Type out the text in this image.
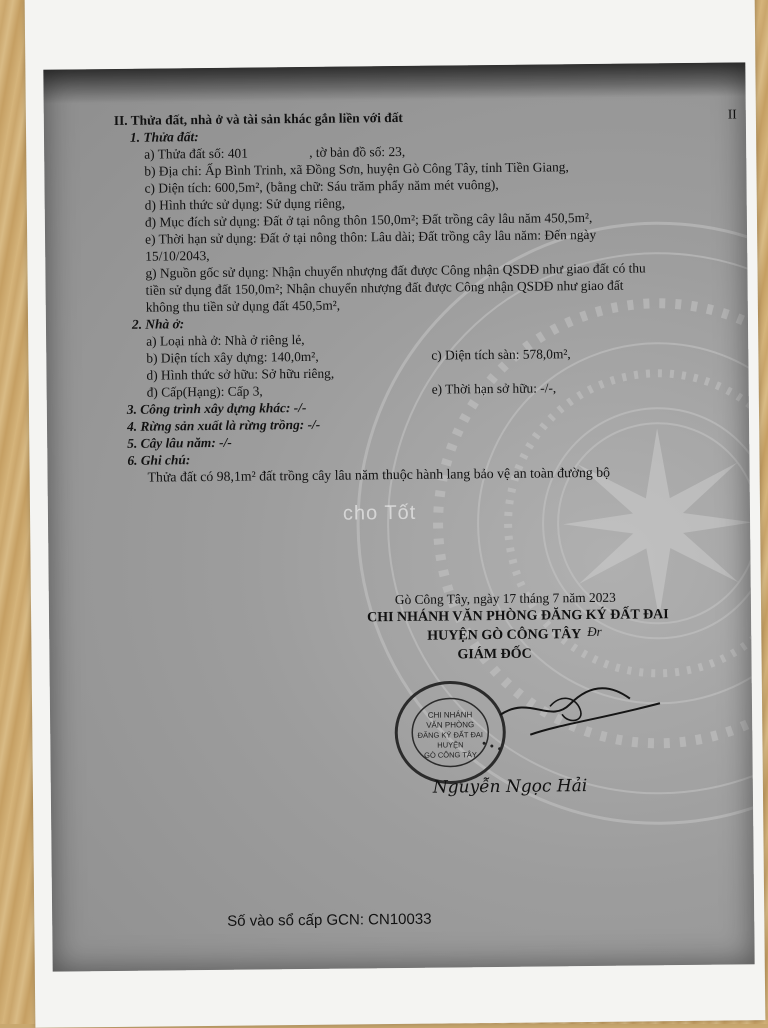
cho Tốt
II. Thửa đất, nhà ở và tài sản khác gắn liền với đất	II
1. Thửa đất:
a) Thửa đất số: 401	, tờ bản đồ số: 23,
b) Địa chỉ: Ấp Bình Trinh, xã Đồng Sơn, huyện Gò Công Tây, tỉnh Tiền Giang,
c) Diện tích: 600,5m², (bằng chữ: Sáu trăm phẩy năm mét vuông),
d) Hình thức sử dụng: Sử dụng riêng,
đ) Mục đích sử dụng: Đất ở tại nông thôn 150,0m²; Đất trồng cây lâu năm 450,5m²,
e) Thời hạn sử dụng: Đất ở tại nông thôn: Lâu dài; Đất trồng cây lâu năm: Đến ngày
15/10/2043,
g) Nguồn gốc sử dụng: Nhận chuyển nhượng đất được Công nhận QSDĐ như giao đất có thu
tiền sử dụng đất 150,0m²; Nhận chuyển nhượng đất được Công nhận QSDĐ như giao đất
không thu tiền sử dụng đất 450,5m²,
2. Nhà ở:
a) Loại nhà ở: Nhà ở riêng lẻ,
b) Diện tích xây dựng: 140,0m²,	c) Diện tích sàn: 578,0m²,
d) Hình thức sở hữu: Sở hữu riêng,
đ) Cấp(Hạng): Cấp 3,	e) Thời hạn sở hữu: -/-,
3. Công trình xây dựng khác: -/-
4. Rừng sản xuất là rừng trồng: -/-
5. Cây lâu năm: -/-
6. Ghi chú:
Thửa đất có 98,1m² đất trồng cây lâu năm thuộc hành lang bảo vệ an toàn đường bộ
Gò Công Tây, ngày 17 tháng 7 năm 2023
CHI NHÁNH VĂN PHÒNG ĐĂNG KÝ ĐẤT ĐAI
HUYỆN GÒ CÔNG TÂY Đr
GIÁM ĐỐC
CHI NHÁNH
VĂN PHÒNG
ĐĂNG KÝ ĐẤT ĐAI
HUYỆN
GÒ CÔNG TÂY
● ● ●
Nguyễn Ngọc Hải
Số vào sổ cấp GCN: CN10033
